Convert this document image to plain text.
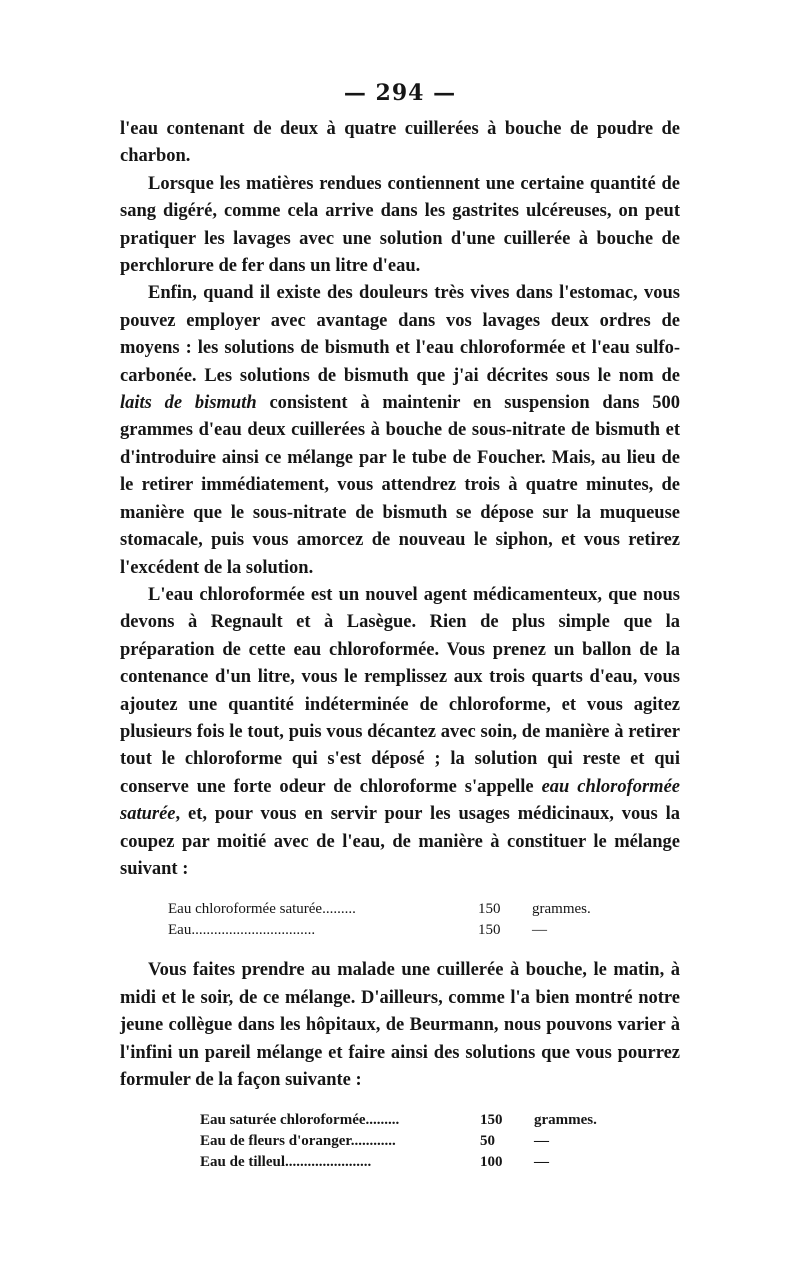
— 294 —

l'eau contenant de deux à quatre cuillerées à bouche de poudre de charbon.

Lorsque les matières rendues contiennent une certaine quantité de sang digéré, comme cela arrive dans les gastrites ulcéreuses, on peut pratiquer les lavages avec une solution d'une cuillerée à bouche de perchlorure de fer dans un litre d'eau.

Enfin, quand il existe des douleurs très vives dans l'estomac, vous pouvez employer avec avantage dans vos lavages deux ordres de moyens : les solutions de bismuth et l'eau chloroformée et l'eau sulfo-carbonée. Les solutions de bismuth que j'ai décrites sous le nom de laits de bismuth consistent à maintenir en suspension dans 500 grammes d'eau deux cuillerées à bouche de sous-nitrate de bismuth et d'introduire ainsi ce mélange par le tube de Foucher. Mais, au lieu de le retirer immédiatement, vous attendrez trois à quatre minutes, de manière que le sous-nitrate de bismuth se dépose sur la muqueuse stomacale, puis vous amorcez de nouveau le siphon, et vous retirez l'excédent de la solution.

L'eau chloroformée est un nouvel agent médicamenteux, que nous devons à Regnault et à Lasègue. Rien de plus simple que la préparation de cette eau chloroformée. Vous prenez un ballon de la contenance d'un litre, vous le remplissez aux trois quarts d'eau, vous ajoutez une quantité indéterminée de chloroforme, et vous agitez plusieurs fois le tout, puis vous décantez avec soin, de manière à retirer tout le chloroforme qui s'est déposé ; la solution qui reste et qui conserve une forte odeur de chloroforme s'appelle eau chloroformée saturée, et, pour vous en servir pour les usages médicinaux, vous la coupez par moitié avec de l'eau, de manière à constituer le mélange suivant :

Eau chloroformée saturée.........	150	grammes.
Eau.................................	150	—

Vous faites prendre au malade une cuillerée à bouche, le matin, à midi et le soir, de ce mélange. D'ailleurs, comme l'a bien montré notre jeune collègue dans les hôpitaux, de Beurmann, nous pouvons varier à l'infini un pareil mélange et faire ainsi des solutions que vous pourrez formuler de la façon suivante :

Eau saturée chloroformée.........	150	grammes.
Eau de fleurs d'oranger............	50	—
Eau de tilleul.......................	100	—
